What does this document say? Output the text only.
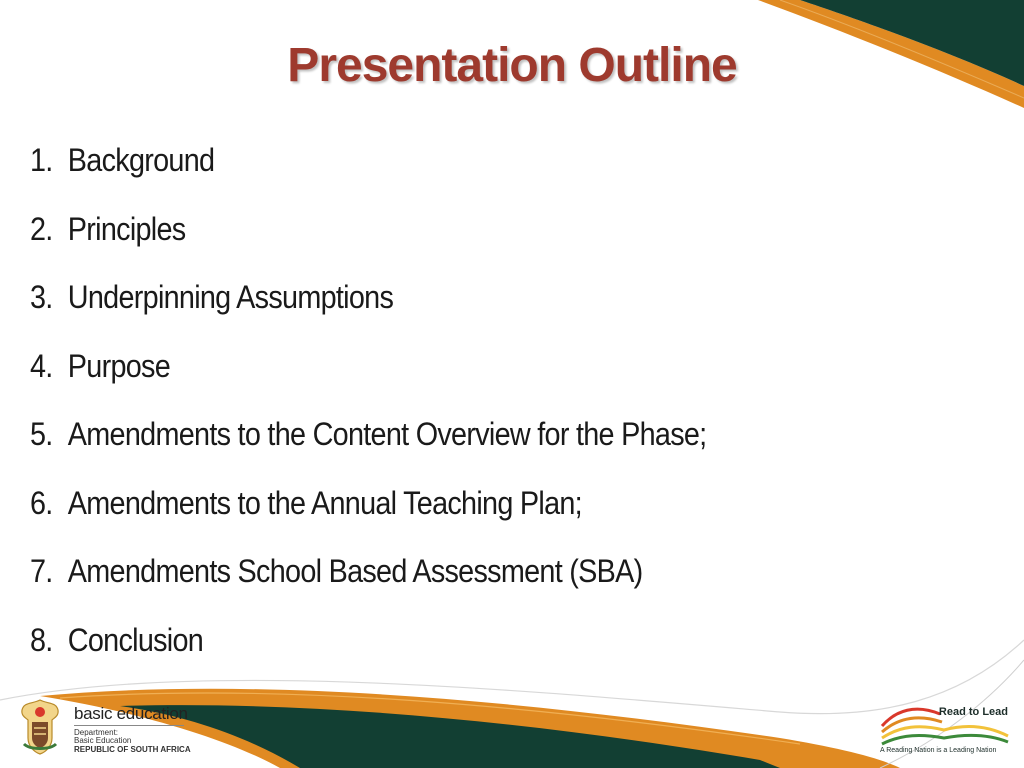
Presentation Outline
1. Background
2. Principles
3. Underpinning Assumptions
4. Purpose
5. Amendments to the Content Overview for the Phase;
6. Amendments to the Annual Teaching Plan;
7. Amendments School Based Assessment (SBA)
8. Conclusion
basic education
Department:
Basic Education
REPUBLIC OF SOUTH AFRICA
Read to Lead
A Reading Nation is a Leading Nation
